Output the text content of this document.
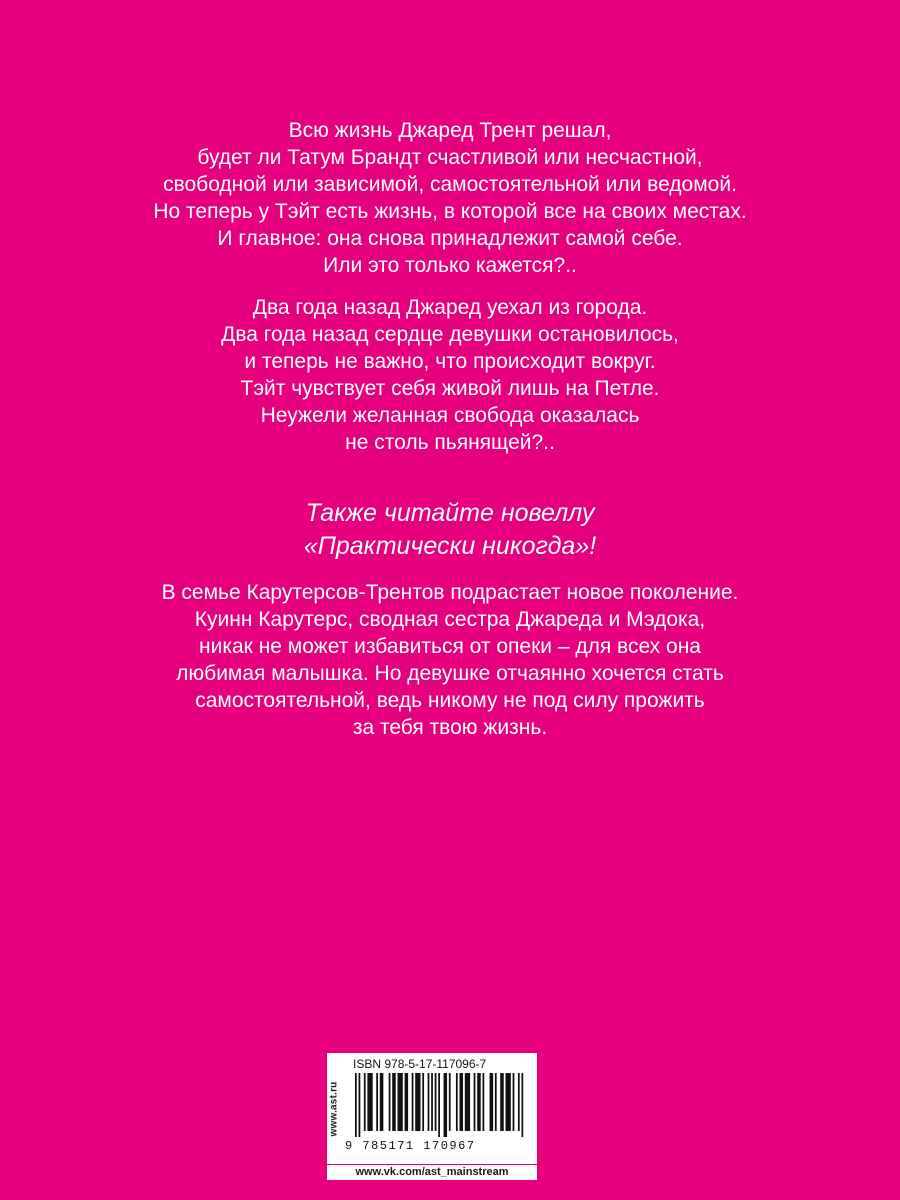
Всю жизнь Джаред Трент решал,
будет ли Татум Брандт счастливой или несчастной,
свободной или зависимой, самостоятельной или ведомой.
Но теперь у Тэйт есть жизнь, в которой все на своих местах.
И главное: она снова принадлежит самой себе.
Или это только кажется?..
Два года назад Джаред уехал из города.
Два года назад сердце девушки остановилось,
и теперь не важно, что происходит вокруг.
Тэйт чувствует себя живой лишь на Петле.
Неужели желанная свобода оказалась
не столь пьянящей?..
Также читайте новеллу
«Практически никогда»!
В семье Карутерсов-Трентов подрастает новое поколение.
Куинн Карутерс, сводная сестра Джареда и Мэдока,
никак не может избавиться от опеки – для всех она
любимая малышка. Но девушке отчаянно хочется стать
самостоятельной, ведь никому не под силу прожить
за тебя твою жизнь.
www.ast.ru
ISBN 978-5-17-117096-7
9 785171 170967
www.vk.com/ast_mainstream
